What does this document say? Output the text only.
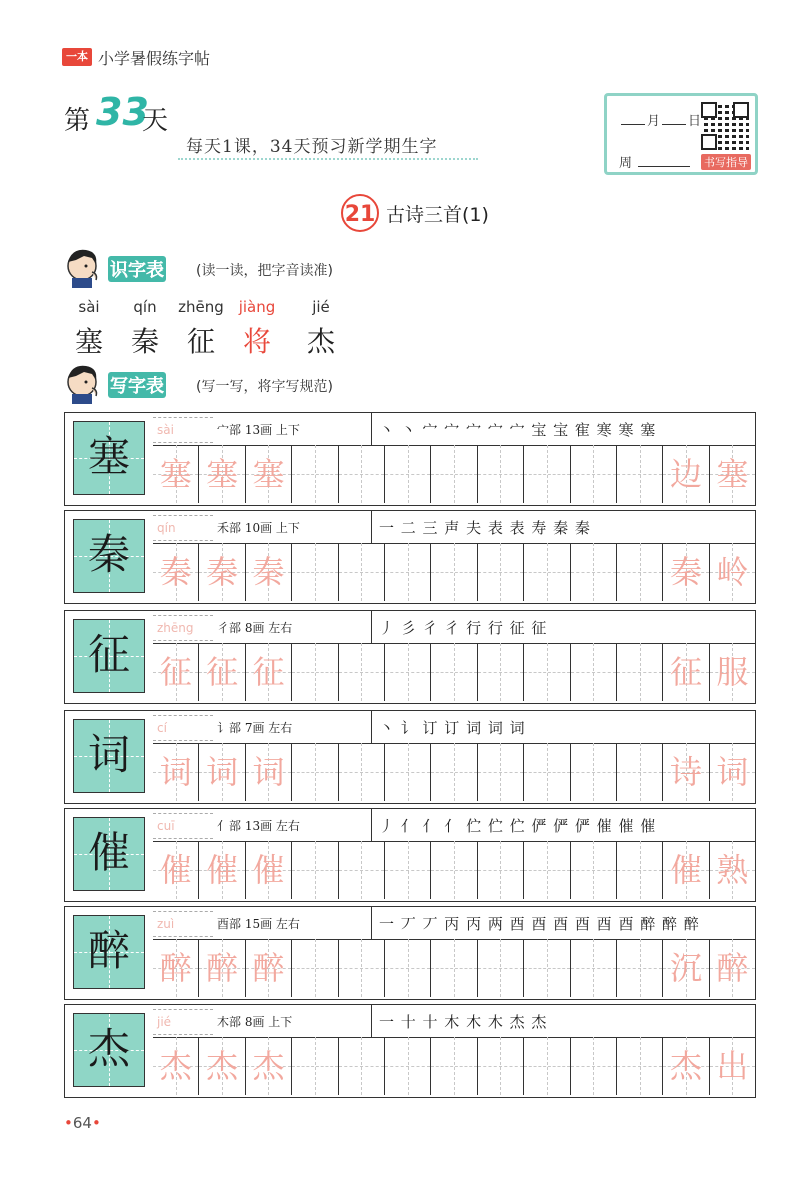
一本 小学暑假练字帖
第 33
天
每天1课，34天预习新学期生字
月 日
周	书写指导
21 古诗三首(1)
识字表 (读一读，把字音读准)
sài
塞
qín
秦
zhēng
征
jiàng
将
jié
杰
写字表 (写一写，将字写规范)
塞
sài	宀部 13画 上下	丶 丶 宀 宀 宀 宀 宀 宝 宝 寉 寒 寒 塞
塞 塞 塞	边 塞
秦
qín	禾部 10画 上下	一 二 三 声 夫 表 表 寿 秦 秦
秦 秦 秦	秦 岭
征
zhēng	彳部 8画 左右	丿 彡 彳 彳 行 行 征 征
征 征 征	征 服
词
cí	讠部 7画 左右	丶 讠 订 订 词 词 词
词 词 词	诗 词
催
cuī	亻部 13画 左右	丿 亻 亻 亻 伫 伫 伫 俨 俨 俨 催 催 催
催 催 催	催 熟
醉
zuì	酉部 15画 左右	一 丆 丆 丙 丙 两 酉 酉 酉 酉 酉 酉 醉 醉 醉
醉 醉 醉	沉 醉
杰
jié	木部 8画 上下	一 十 十 木 木 木 杰 杰
杰 杰 杰	杰 出
•64•
